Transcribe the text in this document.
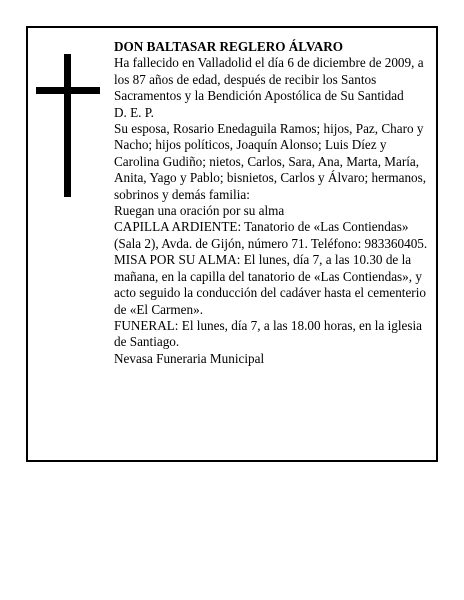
DON BALTASAR REGLERO ÁLVARO

Ha fallecido en Valladolid el día 6 de diciembre de 2009, a los 87 años de edad, después de recibir los Santos Sacramentos y la Bendición Apostólica de Su Santidad

D. E. P.

Su esposa, Rosario Enedaguila Ramos; hijos, Paz, Charo y Nacho; hijos políticos, Joaquín Alonso; Luis Díez y Carolina Gudiño; nietos, Carlos, Sara, Ana, Marta, María, Anita, Yago y Pablo; bisnietos, Carlos y Álvaro; hermanos, sobrinos y demás familia:

Ruegan una oración por su alma

CAPILLA ARDIENTE: Tanatorio de «Las Contiendas» (Sala 2), Avda. de Gijón, número 71. Teléfono: 983360405.

MISA POR SU ALMA: El lunes, día 7, a las 10.30 de la mañana, en la capilla del tanatorio de «Las Contiendas», y acto seguido la conducción del cadáver hasta el cementerio de «El Carmen».

FUNERAL: El lunes, día 7, a las 18.00 horas, en la iglesia de Santiago.

Nevasa Funeraria Municipal
